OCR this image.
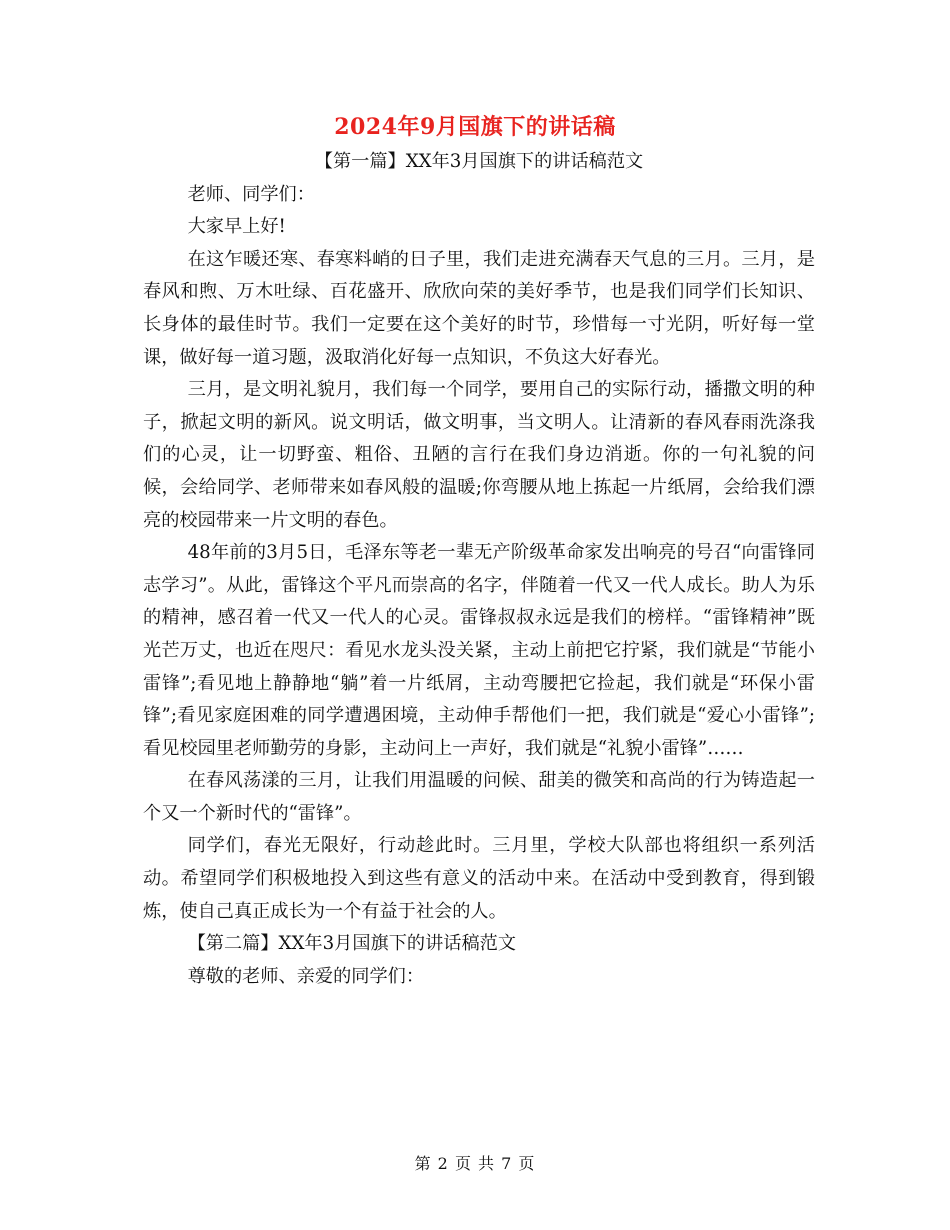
2024年9月国旗下的讲话稿

【第一篇】XX年3月国旗下的讲话稿范文

老师、同学们：

大家早上好!

在这乍暖还寒、春寒料峭的日子里，我们走进充满春天气息的三月。三月，是春风和煦、万木吐绿、百花盛开、欣欣向荣的美好季节，也是我们同学们长知识、长身体的最佳时节。我们一定要在这个美好的时节，珍惜每一寸光阴，听好每一堂课，做好每一道习题，汲取消化好每一点知识，不负这大好春光。

三月，是文明礼貌月，我们每一个同学，要用自己的实际行动，播撒文明的种子，掀起文明的新风。说文明话，做文明事，当文明人。让清新的春风春雨洗涤我们的心灵，让一切野蛮、粗俗、丑陋的言行在我们身边消逝。你的一句礼貌的问候，会给同学、老师带来如春风般的温暖;你弯腰从地上拣起一片纸屑，会给我们漂亮的校园带来一片文明的春色。

48年前的3月5日，毛泽东等老一辈无产阶级革命家发出响亮的号召“向雷锋同志学习”。从此，雷锋这个平凡而崇高的名字，伴随着一代又一代人成长。助人为乐的精神，感召着一代又一代人的心灵。雷锋叔叔永远是我们的榜样。“雷锋精神”既光芒万丈，也近在咫尺：看见水龙头没关紧，主动上前把它拧紧，我们就是“节能小雷锋”;看见地上静静地“躺”着一片纸屑，主动弯腰把它捡起，我们就是“环保小雷锋”;看见家庭困难的同学遭遇困境，主动伸手帮他们一把，我们就是“爱心小雷锋”;看见校园里老师勤劳的身影，主动问上一声好，我们就是“礼貌小雷锋”……

在春风荡漾的三月，让我们用温暖的问候、甜美的微笑和高尚的行为铸造起一个又一个新时代的“雷锋”。

同学们，春光无限好，行动趁此时。三月里，学校大队部也将组织一系列活动。希望同学们积极地投入到这些有意义的活动中来。在活动中受到教育，得到锻炼，使自己真正成长为一个有益于社会的人。

【第二篇】XX年3月国旗下的讲话稿范文

尊敬的老师、亲爱的同学们：

第 2 页 共 7 页
